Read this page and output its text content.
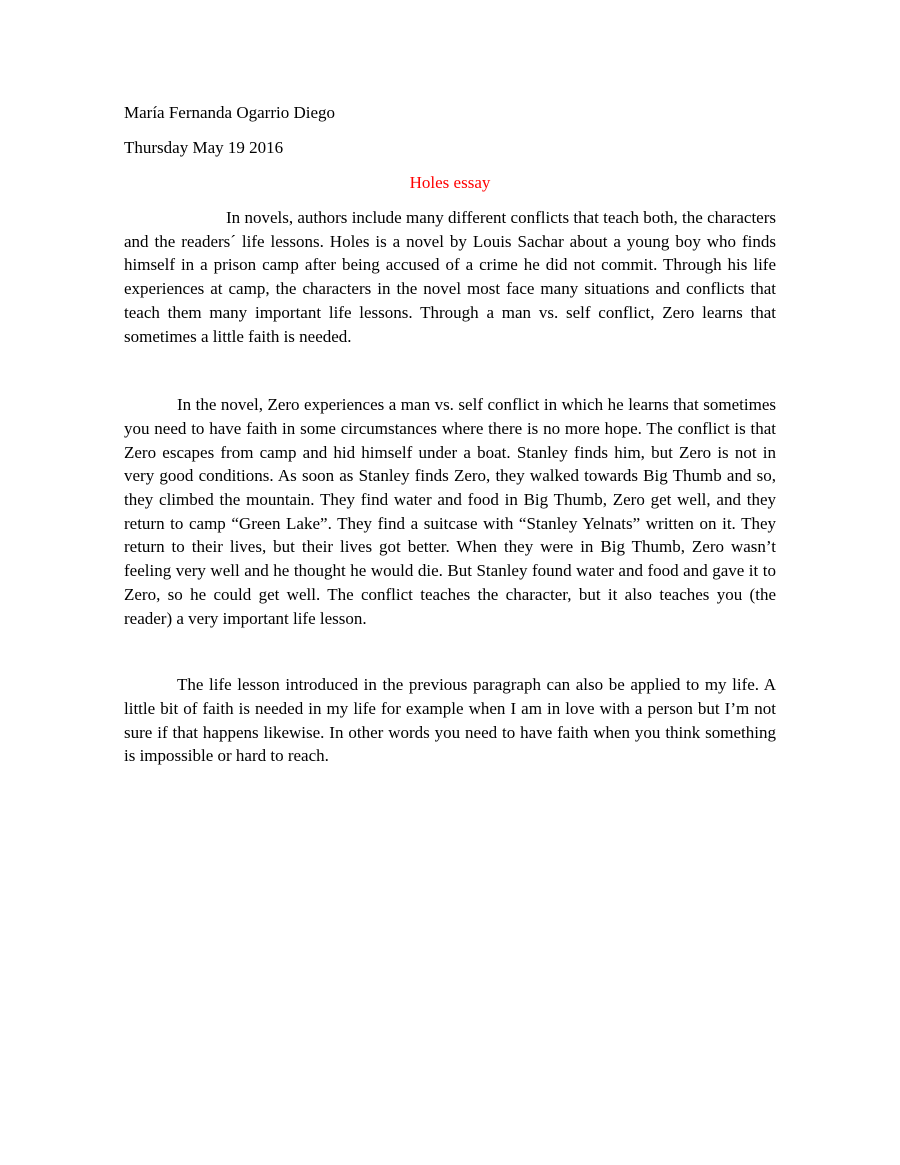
María Fernanda Ogarrio Diego

Thursday May 19 2016

Holes essay

In novels, authors include many different conflicts that teach both, the characters and the readers´ life lessons. Holes is a novel by Louis Sachar about a young boy who finds himself in a prison camp after being accused of a crime he did not commit. Through his life experiences at camp, the characters in the novel most face many situations and conflicts that teach them many important life lessons. Through a man vs. self conflict, Zero learns that sometimes a little faith is needed.

In the novel, Zero experiences a man vs. self conflict in which he learns that sometimes you need to have faith in some circumstances where there is no more hope. The conflict is that Zero escapes from camp and hid himself under a boat. Stanley finds him, but Zero is not in very good conditions. As soon as Stanley finds Zero, they walked towards Big Thumb and so, they climbed the mountain. They find water and food in Big Thumb, Zero get well, and they return to camp “Green Lake”. They find a suitcase with “Stanley Yelnats” written on it. They return to their lives, but their lives got better. When they were in Big Thumb, Zero wasn’t feeling very well and he thought he would die. But Stanley found water and food and gave it to Zero, so he could get well. The conflict teaches the character, but it also teaches you (the reader) a very important life lesson.

The life lesson introduced in the previous paragraph can also be applied to my life. A little bit of faith is needed in my life for example when I am in love with a person but I’m not sure if that happens likewise. In other words you need to have faith when you think something is impossible or hard to reach.
